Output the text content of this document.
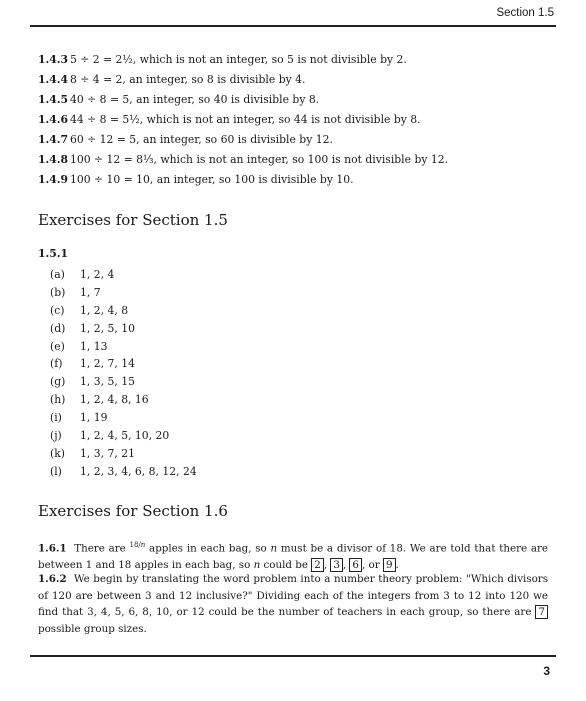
Section 1.5
1.4.3 5 ÷ 2 = 2½, which is not an integer, so 5 is not divisible by 2.
1.4.4 8 ÷ 4 = 2, an integer, so 8 is divisible by 4.
1.4.5 40 ÷ 8 = 5, an integer, so 40 is divisible by 8.
1.4.6 44 ÷ 8 = 5½, which is not an integer, so 44 is not divisible by 8.
1.4.7 60 ÷ 12 = 5, an integer, so 60 is divisible by 12.
1.4.8 100 ÷ 12 = 8⅓, which is not an integer, so 100 is not divisible by 12.
1.4.9 100 ÷ 10 = 10, an integer, so 100 is divisible by 10.
Exercises for Section 1.5
1.5.1
(a) 1, 2, 4
(b) 1, 7
(c) 1, 2, 4, 8
(d) 1, 2, 5, 10
(e) 1, 13
(f) 1, 2, 7, 14
(g) 1, 3, 5, 15
(h) 1, 2, 4, 8, 16
(i) 1, 19
(j) 1, 2, 4, 5, 10, 20
(k) 1, 3, 7, 21
(l) 1, 2, 3, 4, 6, 8, 12, 24
Exercises for Section 1.6

1.6.1 There are $^{18/n}$ apples in each bag, so n must be a divisor of 18. We are told that there are between 1 and 18 apples in each bag, so n could be 2 , 3 , 6 , or 9 .

1.6.2 We begin by translating the word problem into a number theory problem: "Which divisors of 120 are between 3 and 12 inclusive?" Dividing each of the integers from 3 to 12 into 120 we find that 3, 4, 5, 6, 8, 10, or 12 could be the number of teachers in each group, so there are 7 possible group sizes.

3
